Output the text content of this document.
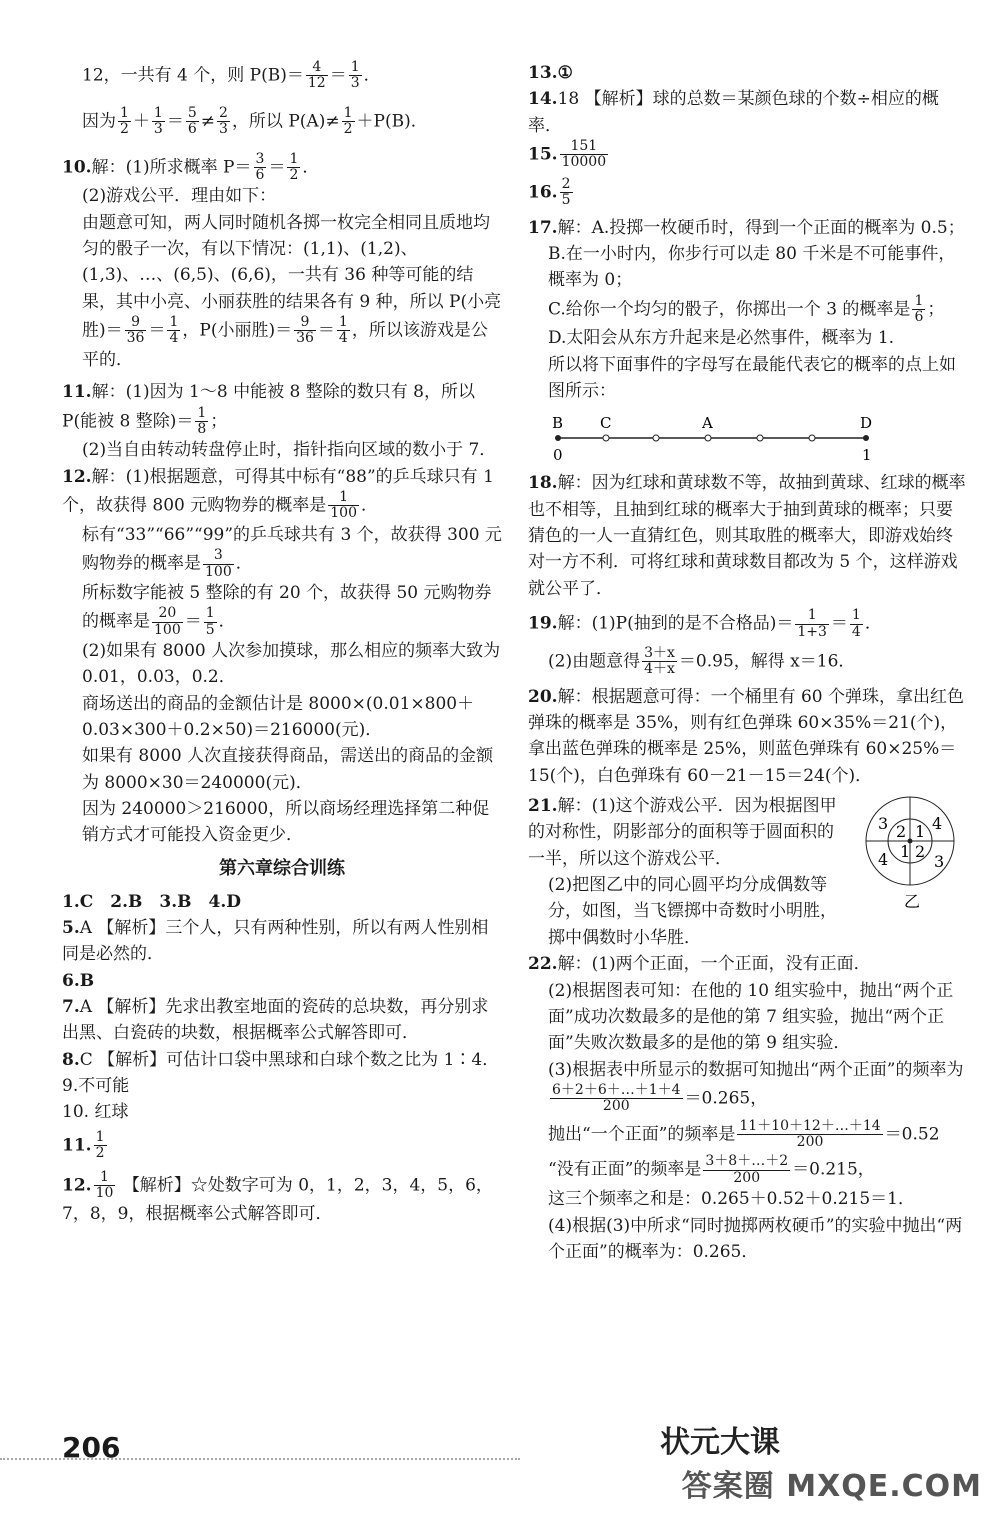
12，一共有 4 个，则 $P(B)= \frac{4}{12} = \frac{1}{3}$ ．

因为 $\frac{1}{2} + \frac{1}{3} = \frac{5}{6} \ne \frac{2}{3}$ ，所以 $P(A)\ne \frac{1}{2} +P(B)$．

10.解：(1)所求概率 $P= \frac{3}{6} = \frac{1}{2}$ ．

(2)游戏公平．理由如下：

由题意可知，两人同时随机各掷一枚完全相同且质地均匀的骰子一次，有以下情况：(1,1)、(1,2)、(1,3)、…、(6,5)、(6,6)，一共有 36 种等可能的结果，其中小亮、小丽获胜的结果各有 9 种，所以 P(小亮胜)＝ $\frac{9}{36} = \frac{1}{4}$ ，P(小丽胜)＝ $\frac{9}{36} = \frac{1}{4}$ ，所以该游戏是公平的．

11.解：(1)因为 1～8 中能被 8 整除的数只有 8，所以 P(能被 8 整除)＝ $\frac{1}{8}$ ；

(2)当自由转动转盘停止时，指针指向区域的数小于 7．

12.解：(1)根据题意，可得其中标有“88”的乒乓球只有 1 个，故获得 800 元购物券的概率是 $\frac{1}{100}$ ．

标有“33”“66”“99”的乒乓球共有 3 个，故获得 300 元购物券的概率是 $\frac{3}{100}$ ．

所标数字能被 5 整除的有 20 个，故获得 50 元购物券的概率是 $\frac{20}{100} = \frac{1}{5}$ ．

(2)如果有 8000 人次参加摸球，那么相应的频率大致为 0.01，0.03，0.2．

商场送出的商品的金额估计是 8000×(0.01×800＋0.03×300＋0.2×50)＝216000(元)．

如果有 8000 人次直接获得商品，需送出的商品的金额为 8000×30＝240000(元)．

因为 240000＞216000，所以商场经理选择第二种促销方式才可能投入资金更少．

第六章综合训练

1.C　2.B　3.B　4.D

5.A 【解析】三个人，只有两种性别，所以有两人性别相同是必然的．

6.B

7.A 【解析】先求出教室地面的瓷砖的总块数，再分别求出黑、白瓷砖的块数，根据概率公式解答即可．

8.C 【解析】可估计口袋中黑球和白球个数之比为 1∶4．

9.不可能

10. 红球

11. $\frac{1}{2}$

12. $\frac{1}{10}$ 【解析】☆处数字可为 0，1，2，3，4，5，6，7，8，9，根据概率公式解答即可．

13.①

14.18 【解析】球的总数＝某颜色球的个数÷相应的概率．

15. $\frac{151}{10000}$

16. $\frac{2}{5}$

17.解：A.投掷一枚硬币时，得到一个正面的概率为 0.5；

B.在一小时内，你步行可以走 80 千米是不可能事件，概率为 0；

C.给你一个均匀的骰子，你掷出一个 3 的概率是 $\frac{1}{6}$ ；

D.太阳会从东方升起来是必然事件，概率为 1.

所以将下面事件的字母写在最能代表它的概率的点上如图所示：

B C	A	D
0	1

18.解：因为红球和黄球数不等，故抽到黄球、红球的概率也不相等，且抽到红球的概率大于抽到黄球的概率；只要猜色的一人一直猜红色，则其取胜的概率大，即游戏始终对一方不利．可将红球和黄球数目都改为 5 个，这样游戏就公平了．

19.解：(1)P(抽到的是不合格品)＝ $\frac{1}{1+3} = \frac{1}{4}$ ．

(2)由题意得 $\frac{3+x}{4+x} =0.95$，解得 x＝16．

20.解：根据题意可得：一个桶里有 60 个弹珠，拿出红色弹珠的概率是 35%，则有红色弹珠 60×35%＝21(个)，拿出蓝色弹珠的概率是 25%，则蓝色弹珠有 60×25%＝15(个)，白色弹珠有 60－21－15＝24(个)．

3 2 1 4
1 2
4	3
乙

21.解：(1)这个游戏公平．因为根据图甲的对称性，阴影部分的面积等于圆面积的一半，所以这个游戏公平．

(2)把图乙中的同心圆平均分成偶数等分，如图，当飞镖掷中奇数时小明胜，掷中偶数时小华胜．

22.解：(1)两个正面，一个正面，没有正面．

(2)根据图表可知：在他的 10 组实验中，抛出“两个正面”成功次数最多的是他的第 7 组实验，抛出“两个正面”失败次数最多的是他的第 9 组实验．

(3)根据表中所显示的数据可知抛出“两个正面”的频率为

$\frac{6+2+6+\dots+1+4}{200} =0.265$，

抛出“一个正面”的频率是 $\frac{11+10+12+\dots+14}{200} =0.52$

“没有正面”的频率是 $\frac{3+8+\dots+2}{200} =0.215$，

这三个频率之和是：0.265＋0.52＋0.215＝1．

(4)根据(3)中所求“同时抛掷两枚硬币”的实验中抛出“两个正面”的概率为：0.265．

206	状元大课
答案圈 MXQE.COM
